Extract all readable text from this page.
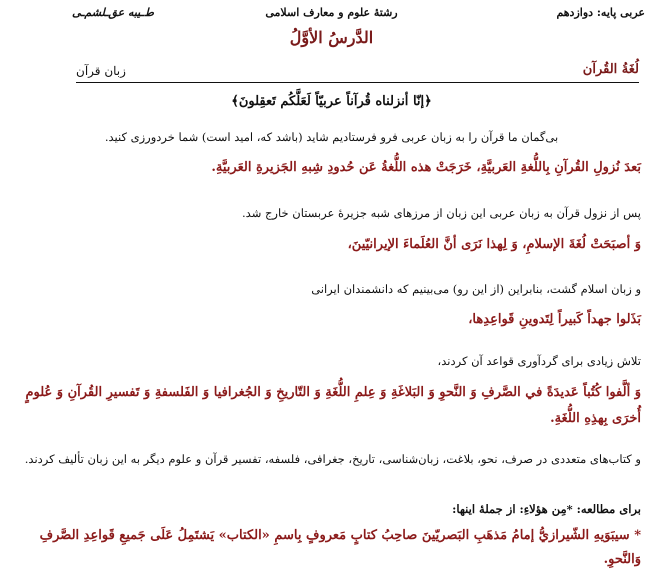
عربی پایه: دوازدهم
رشتهٔ علوم و معارف اسلامی
ط‌ـیبه عق‌ـلشم‌ـی
الدَّرسُ الأوَّلُ
لُغَةُ القُرآن
زبان قرآن
﴿إنّا أنزلناه قُرآناً عربيّاً لَعَلَّكُم تَعقِلونَ﴾
بی‌گمان ما قرآن را به زبان عربی فرو فرستادیم شاید (باشد که، امید است) شما خردورزی کنید.
بَعدَ نُزولِ القُرآنِ بِاللُّغةِ العَربيَّةِ، خَرَجَتْ هذه اللُّغةُ عَن حُدودِ شِبهِ الجَزيرةِ العَربيَّةِ.
پس از نزول قرآن به زبان عربی این زبان از مرزهای شبه جزیرهٔ عربستان خارج شد.
وَ أصبَحَتْ لُغَةَ الإسلامِ، وَ لِهذا نَرَى أنَّ العُلَماءَ الإيرانيّينَ،
و زبان اسلام گشت، بنابراین (از این رو) می‌بینیم که دانشمندان ایرانی
بَذَلوا جهداً كَبيراً لِتَدوينِ قَواعِدِها،
تلاش زیادی برای گردآوری قواعد آن کردند،
وَ ألَّفوا كُتُباً عَديدَةً في الصَّرفِ وَ النَّحوِ وَ البَلاغَةِ وَ عِلمِ اللُّغَةِ وَ التّاريخِ وَ الجُغرافيا وَ الفَلسفةِ وَ تَفسيرِ القُرآنِ وَ عُلومٍ أُخرَى بِهذِهِ اللُّغَةِ.
و کتاب‌های متعددی در صرف، نحو، بلاغت، زبان‌شناسی، تاریخ، جغرافی، فلسفه، تفسیر قرآن و علوم دیگر به این زبان تألیف کردند.
برای مطالعه: *مِن هؤلاءِ: از جملهٔ اینها:
* سيبَوَيهِ الشّيرازيُّ إمامُ مَذهَبِ البَصريّينَ صاحِبُ كتابٍ مَعروفٍ بِاسمِ «الكتاب» يَشتَمِلُ عَلَى جَميعِ قَواعِدِ الصَّرفِ وَالنَّحوِ.
